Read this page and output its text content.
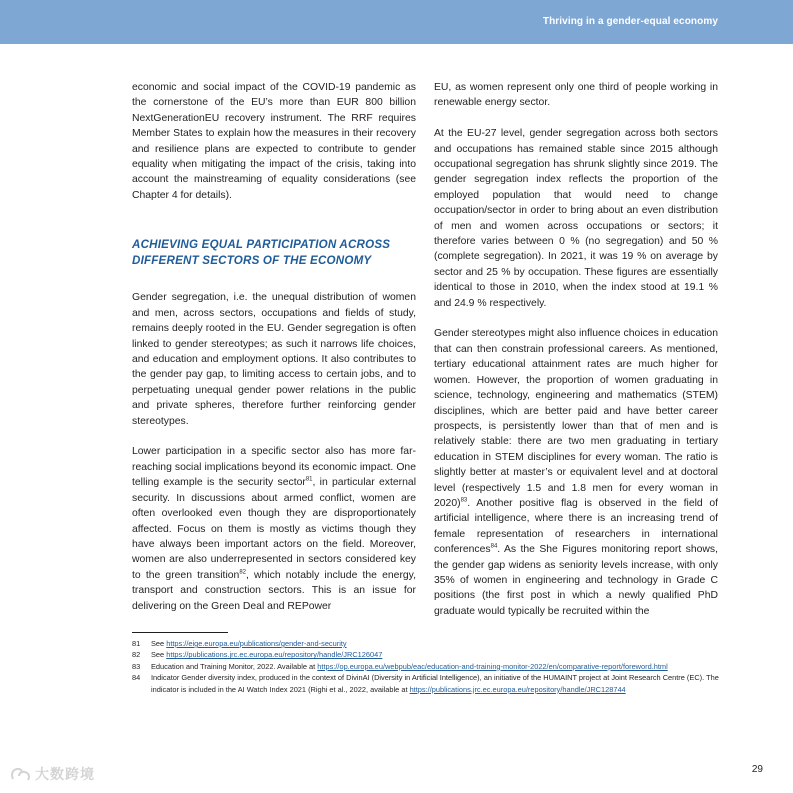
Thriving in a gender-equal economy

economic and social impact of the COVID-19 pandemic as the cornerstone of the EU’s more than EUR 800 billion NextGenerationEU recovery instrument. The RRF requires Member States to explain how the measures in their recovery and resilience plans are expected to contribute to gender equality when mitigating the impact of the crisis, taking into account the mainstreaming of equality considerations (see Chapter 4 for details).

ACHIEVING EQUAL PARTICIPATION ACROSS DIFFERENT SECTORS OF THE ECONOMY

Gender segregation, i.e. the unequal distribution of women and men, across sectors, occupations and fields of study, remains deeply rooted in the EU. Gender segregation is often linked to gender stereotypes; as such it narrows life choices, and education and employment options. It also contributes to the gender pay gap, to limiting access to certain jobs, and to perpetuating unequal gender power relations in the public and private spheres, therefore further reinforcing gender stereotypes.

Lower participation in a specific sector also has more far-reaching social implications beyond its economic impact. One telling example is the security sector$^{81}$, in particular external security. In discussions about armed conflict, women are often overlooked even though they are disproportionately affected. Focus on them is mostly as victims though they have always been important actors on the field. Moreover, women are also underrepresented in sectors considered key to the green transition$^{82}$, which notably include the energy, transport and construction sectors. This is an issue for delivering on the Green Deal and REPower

EU, as women represent only one third of people working in renewable energy sector.

At the EU-27 level, gender segregation across both sectors and occupations has remained stable since 2015 although occupational segregation has shrunk slightly since 2019. The gender segregation index reflects the proportion of the employed population that would need to change occupation/sector in order to bring about an even distribution of men and women across occupations or sectors; it therefore varies between 0 % (no segregation) and 50 % (complete segregation). In 2021, it was 19 % on average by sector and 25 % by occupation. These figures are essentially identical to those in 2010, when the index stood at 19.1 % and 24.9 % respectively.

Gender stereotypes might also influence choices in education that can then constrain professional careers. As mentioned, tertiary educational attainment rates are much higher for women. However, the proportion of women graduating in science, technology, engineering and mathematics (STEM) disciplines, which are better paid and have better career prospects, is persistently lower than that of men and is relatively stable: there are two men graduating in tertiary education in STEM disciplines for every woman. The ratio is slightly better at master’s or equivalent level and at doctoral level (respectively 1.5 and 1.8 men for every woman in 2020)$^{83}$. Another positive flag is observed in the field of artificial intelligence, where there is an increasing trend of female representation of researchers in international conferences$^{84}$. As the She Figures monitoring report shows, the gender gap widens as seniority levels increase, with only 35% of women in engineering and technology in Grade C positions (the first post in which a newly qualified PhD graduate would typically be recruited within the

81	See https://eige.europa.eu/publications/gender-and-security
82	See https://publications.jrc.ec.europa.eu/repository/handle/JRC126047
83	Education and Training Monitor, 2022. Available at https://op.europa.eu/webpub/eac/education-and-training-monitor-2022/en/comparative-report/foreword.html
84	Indicator Gender diversity index, produced in the context of DivinAI (Diversity in Artificial Intelligence), an initiative of the HUMAINT project at Joint Research Centre (EC). The indicator is included in the AI Watch Index 2021 (Righi et al., 2022, available at https://publications.jrc.ec.europa.eu/repository/handle/JRC128744
大数跨境	29
